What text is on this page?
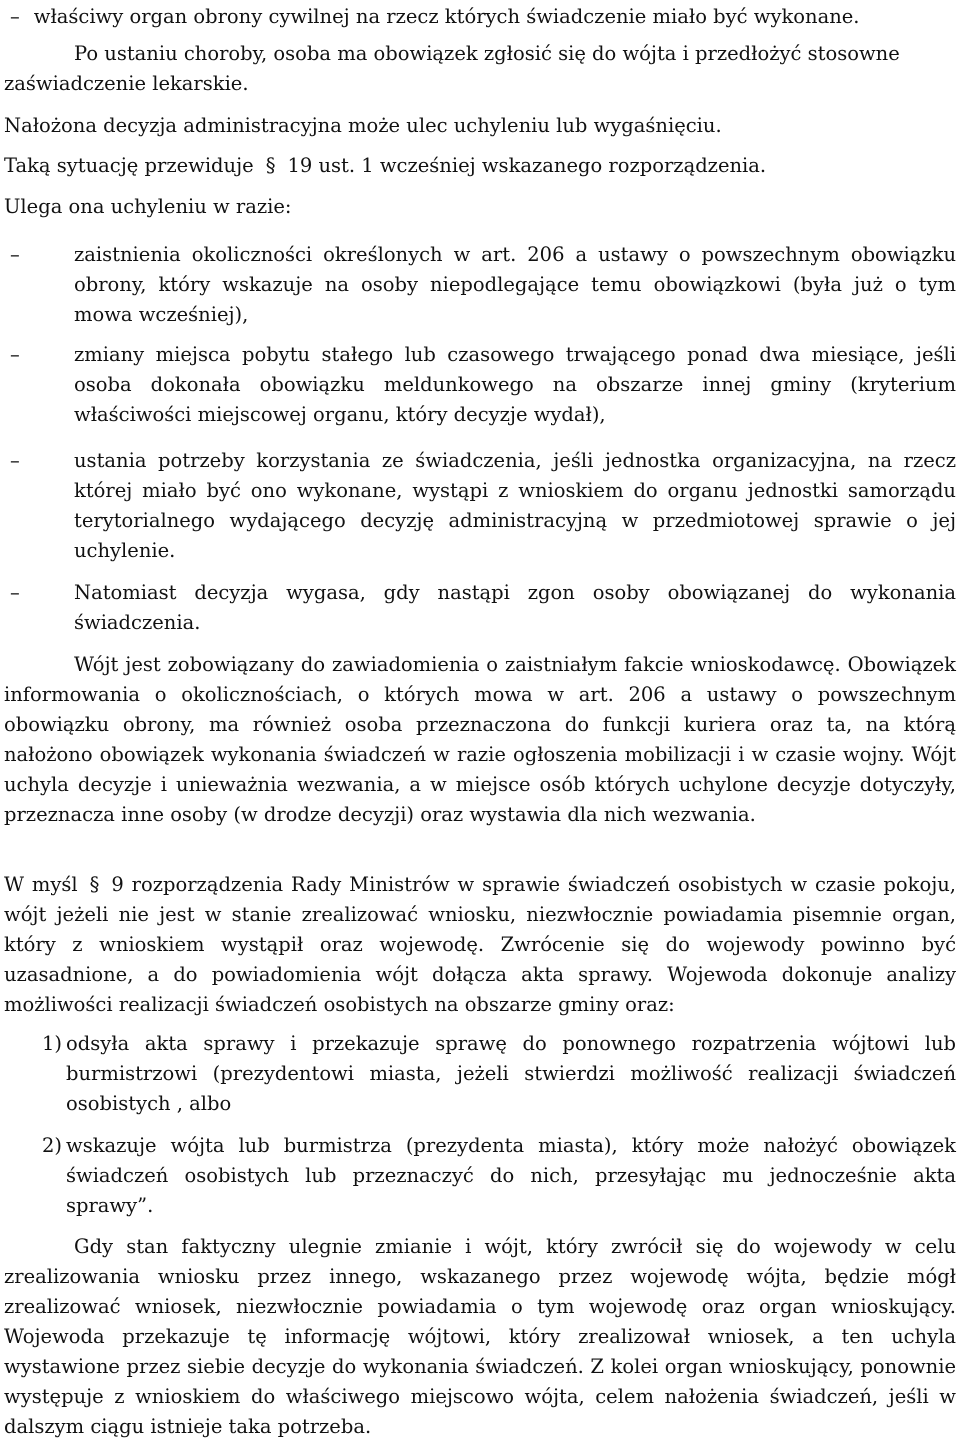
– właściwy organ obrony cywilnej na rzecz których świadczenie miało być wykonane.

Po ustaniu choroby, osoba ma obowiązek zgłosić się do wójta i przedłożyć stosowne

zaświadczenie lekarskie.

Nałożona decyzja administracyjna może ulec uchyleniu lub wygaśnięciu.

Taką sytuację przewiduje § 19 ust. 1 wcześniej wskazanego rozporządzenia.

Ulega ona uchyleniu w razie:

–	zaistnienia okoliczności określonych w art. 206 a ustawy o powszechnym obowiązku obrony, który wskazuje na osoby niepodlegające temu obowiązkowi (była już o tym mowa wcześniej),

–	zmiany miejsca pobytu stałego lub czasowego trwającego ponad dwa miesiące, jeśli osoba dokonała obowiązku meldunkowego na obszarze innej gminy (kryterium właściwości miejscowej organu, który decyzje wydał),

–	ustania potrzeby korzystania ze świadczenia, jeśli jednostka organizacyjna, na rzecz której miało być ono wykonane, wystąpi z wnioskiem do organu jednostki samorządu terytorialnego wydającego decyzję administracyjną w przedmiotowej sprawie o jej uchylenie.

–	Natomiast decyzja wygasa, gdy nastąpi zgon osoby obowiązanej do wykonania świadczenia.

Wójt jest zobowiązany do zawiadomienia o zaistniałym fakcie wnioskodawcę. Obowiązek informowania o okolicznościach, o których mowa w art. 206 a ustawy o powszechnym obowiązku obrony, ma również osoba przeznaczona do funkcji kuriera oraz ta, na którą nałożono obowiązek wykonania świadczeń w razie ogłoszenia mobilizacji i w czasie wojny. Wójt uchyla decyzje i unieważnia wezwania, a w miejsce osób których uchylone decyzje dotyczyły, przeznacza inne osoby (w drodze decyzji) oraz wystawia dla nich wezwania.

W myśl § 9 rozporządzenia Rady Ministrów w sprawie świadczeń osobistych w czasie pokoju, wójt jeżeli nie jest w stanie zrealizować wniosku, niezwłocznie powiadamia pisemnie organ, który z wnioskiem wystąpił oraz wojewodę. Zwrócenie się do wojewody powinno być uzasadnione, a do powiadomienia wójt dołącza akta sprawy. Wojewoda dokonuje analizy możliwości realizacji świadczeń osobistych na obszarze gminy oraz:

1) odsyła akta sprawy i przekazuje sprawę do ponownego rozpatrzenia wójtowi lub burmistrzowi (prezydentowi miasta, jeżeli stwierdzi możliwość realizacji świadczeń osobistych , albo

2) wskazuje wójta lub burmistrza (prezydenta miasta), który może nałożyć obowiązek świadczeń osobistych lub przeznaczyć do nich, przesyłając mu jednocześnie akta sprawy”.

Gdy stan faktyczny ulegnie zmianie i wójt, który zwrócił się do wojewody w celu zrealizowania wniosku przez innego, wskazanego przez wojewodę wójta, będzie mógł zrealizować wniosek, niezwłocznie powiadamia o tym wojewodę oraz organ wnioskujący. Wojewoda przekazuje tę informację wójtowi, który zrealizował wniosek, a ten uchyla wystawione przez siebie decyzje do wykonania świadczeń. Z kolei organ wnioskujący, ponownie występuje z wnioskiem do właściwego miejscowo wójta, celem nałożenia świadczeń, jeśli w dalszym ciągu istnieje taka potrzeba.
